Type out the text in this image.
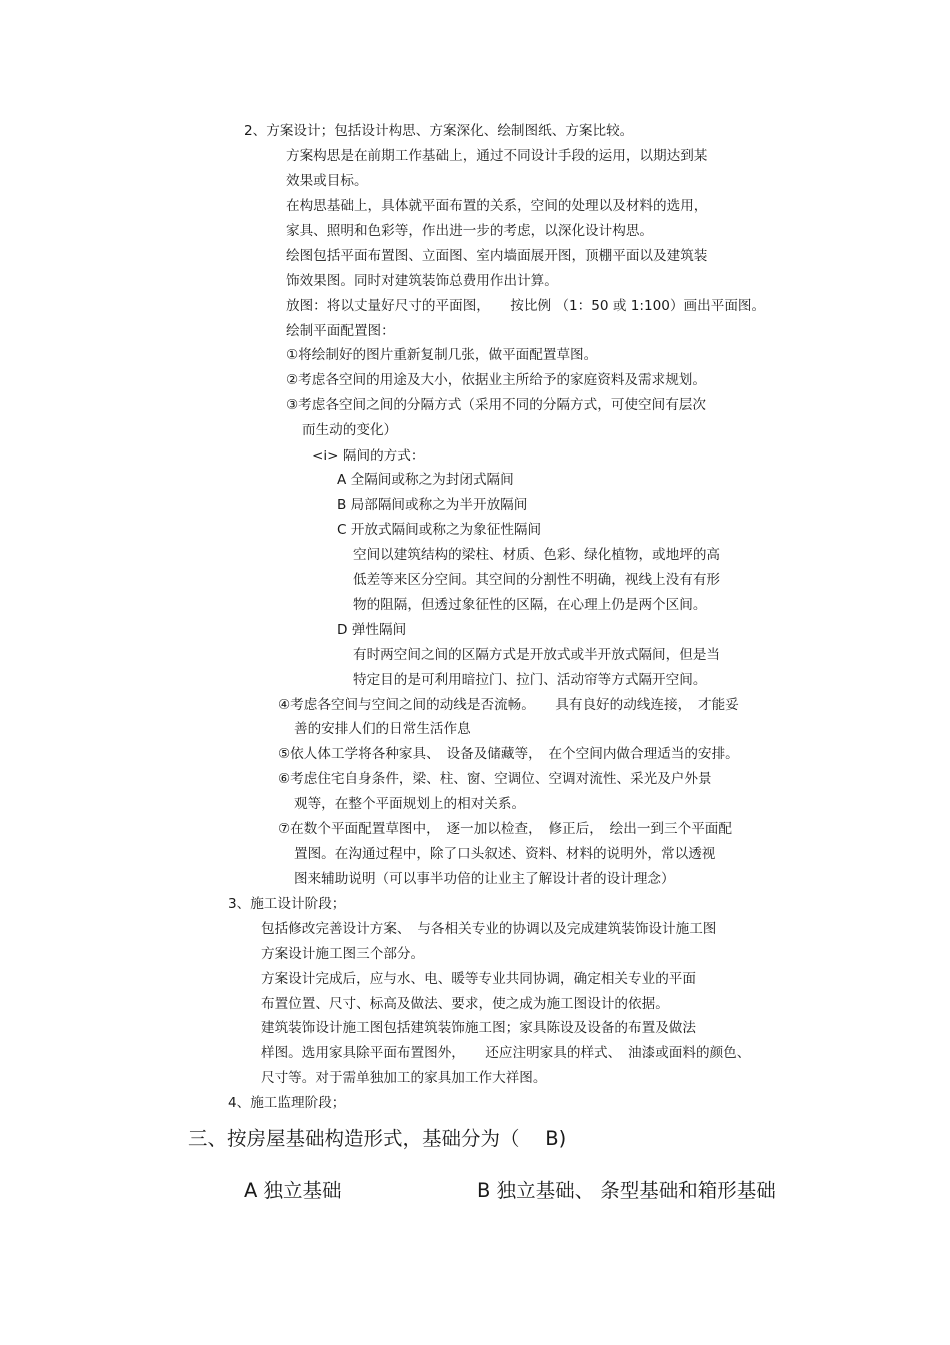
2、方案设计；包括设计构思、方案深化、绘制图纸、方案比较。
方案构思是在前期工作基础上，通过不同设计手段的运用，以期达到某
效果或目标。
在构思基础上，具体就平面布置的关系，空间的处理以及材料的选用，
家具、照明和色彩等，作出进一步的考虑，以深化设计构思。
绘图包括平面布置图、立面图、室内墙面展开图，顶棚平面以及建筑装
饰效果图。同时对建筑装饰总费用作出计算。
放图：将以丈量好尺寸的平面图，　　按比例 （1：50 或 1:100）画出平面图。
绘制平面配置图：
①将绘制好的图片重新复制几张，做平面配置草图。
②考虑各空间的用途及大小，依据业主所给予的家庭资料及需求规划。
③考虑各空间之间的分隔方式（采用不同的分隔方式，可使空间有层次
而生动的变化）
<i> 隔间的方式：
A 全隔间或称之为封闭式隔间
B 局部隔间或称之为半开放隔间
C 开放式隔间或称之为象征性隔间
空间以建筑结构的梁柱、材质、色彩、绿化植物，或地坪的高
低差等来区分空间。其空间的分割性不明确，视线上没有有形
物的阻隔，但透过象征性的区隔，在心理上仍是两个区间。
D 弹性隔间
有时两空间之间的区隔方式是开放式或半开放式隔间，但是当
特定目的是可利用暗拉门、拉门、活动帘等方式隔开空间。
④考虑各空间与空间之间的动线是否流畅。　　具有良好的动线连接，　才能妥
善的安排人们的日常生活作息
⑤依人体工学将各种家具、　设备及储藏等，　在个空间内做合理适当的安排。
⑥考虑住宅自身条件，梁、柱、窗、空调位、空调对流性、采光及户外景
观等，在整个平面规划上的相对关系。
⑦在数个平面配置草图中，　逐一加以检查，　修正后，　绘出一到三个平面配
置图。在沟通过程中，除了口头叙述、资料、材料的说明外，常以透视
图来辅助说明（可以事半功倍的让业主了解设计者的设计理念）
3、施工设计阶段；
包括修改完善设计方案、　与各相关专业的协调以及完成建筑装饰设计施工图
方案设计施工图三个部分。
方案设计完成后，应与水、电、暖等专业共同协调，确定相关专业的平面
布置位置、尺寸、标高及做法、要求，使之成为施工图设计的依据。
建筑装饰设计施工图包括建筑装饰施工图；家具陈设及设备的布置及做法
样图。选用家具除平面布置图外，　　还应注明家具的样式、　油漆或面料的颜色、
尺寸等。对于需单独加工的家具加工作大祥图。
4、施工监理阶段；
三、按房屋基础构造形式，基础分为（　 B)
A 独立基础	B 独立基础、 条型基础和箱形基础
